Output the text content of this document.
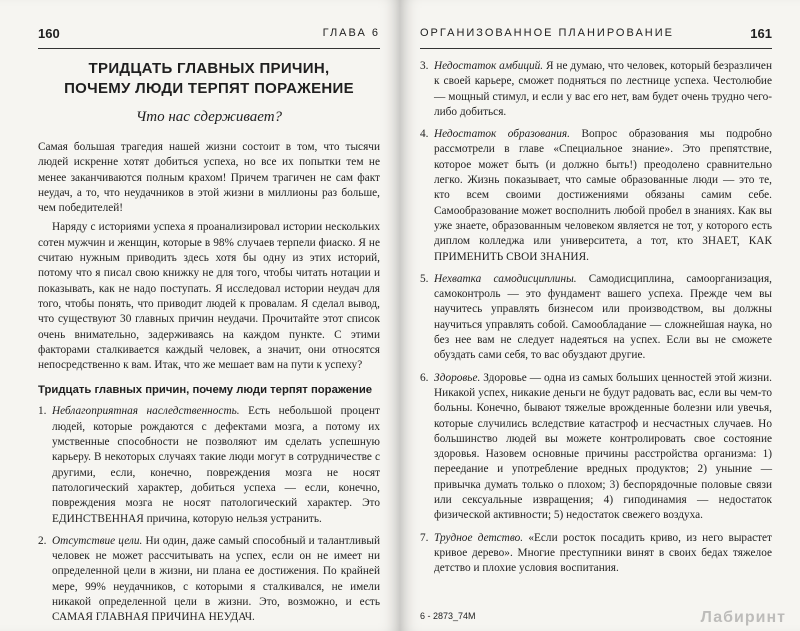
160	ГЛАВА 6
ТРИДЦАТЬ ГЛАВНЫХ ПРИЧИН,
ПОЧЕМУ ЛЮДИ ТЕРПЯТ ПОРАЖЕНИЕ
Что нас сдерживает?

Самая большая трагедия нашей жизни состоит в том, что тысячи людей искренне хотят добиться успеха, но все их попытки тем не менее заканчиваются полным крахом! Причем трагичен не сам факт неудач, а то, что неудачников в этой жизни в миллионы раз больше, чем победителей!

Наряду с историями успеха я проанализировал истории нескольких сотен мужчин и женщин, которые в 98% случаев терпели фиаско. Я не считаю нужным приводить здесь хотя бы одну из этих историй, потому что я писал свою книжку не для того, чтобы читать нотации и показывать, как не надо поступать. Я исследовал истории неудач для того, чтобы понять, что приводит людей к провалам. Я сделал вывод, что существуют 30 главных причин неудачи. Прочитайте этот список очень внимательно, задерживаясь на каждом пункте. С этими факторами сталкивается каждый человек, а значит, они относятся непосредственно к вам. Итак, что же мешает вам на пути к успеху?

Тридцать главных причин, почему люди терпят поражение
1. Неблагоприятная наследственность. Есть небольшой процент людей, которые рождаются с дефектами мозга, а потому их умственные способности не позволяют им сделать успешную карьеру. В некоторых случаях такие люди могут в сотрудничестве с другими, если, конечно, повреждения мозга не носят патологический характер, добиться успеха — если, конечно, повреждения мозга не носят патологический характер. Это ЕДИНСТВЕННАЯ причина, которую нельзя устранить.
2. Отсутствие цели. Ни один, даже самый способный и талантливый человек не может рассчитывать на успех, если он не имеет ни определенной цели в жизни, ни плана ее достижения. По крайней мере, 99% неудачников, с которыми я сталкивался, не имели никакой определенной цели в жизни. Это, возможно, и есть САМАЯ ГЛАВНАЯ ПРИЧИНА НЕУДАЧ.
ОРГАНИЗОВАННОЕ ПЛАНИРОВАНИЕ	161
3. Недостаток амбиций. Я не думаю, что человек, который безразличен к своей карьере, сможет подняться по лестнице успеха. Честолюбие — мощный стимул, и если у вас его нет, вам будет очень трудно чего-либо добиться.
4. Недостаток образования. Вопрос образования мы подробно рассмотрели в главе «Специальное знание». Это препятствие, которое может быть (и должно быть!) преодолено сравнительно легко. Жизнь показывает, что самые образованные люди — это те, кто всем своими достижениями обязаны самим себе. Самообразование может восполнить любой пробел в знаниях. Как вы уже знаете, образованным человеком является не тот, у которого есть диплом колледжа или университета, а тот, кто ЗНАЕТ, КАК ПРИМЕНИТЬ СВОИ ЗНАНИЯ.
5. Нехватка самодисциплины. Самодисциплина, самоорганизация, самоконтроль — это фундамент вашего успеха. Прежде чем вы научитесь управлять бизнесом или производством, вы должны научиться управлять собой. Самообладание — сложнейшая наука, но без нее вам не следует надеяться на успех. Если вы не сможете обуздать сами себя, то вас обуздают другие.
6. Здоровье. Здоровье — одна из самых больших ценностей этой жизни. Никакой успех, никакие деньги не будут радовать вас, если вы чем-то больны. Конечно, бывают тяжелые врожденные болезни или увечья, которые случились вследствие катастроф и несчастных случаев. Но большинство людей вы можете контролировать свое состояние здоровья. Назовем основные причины расстройства организма: 1) переедание и употребление вредных продуктов; 2) уныние — привычка думать только о плохом; 3) беспорядочные половые связи или сексуальные извращения; 4) гиподинамия — недостаток физической активности; 5) недостаток свежего воздуха.
7. Трудное детство. «Если росток посадить криво, из него вырастет кривое дерево». Многие преступники винят в своих бедах тяжелое детство и плохие условия воспитания.
6 - 2873_74М	Лабиринт
